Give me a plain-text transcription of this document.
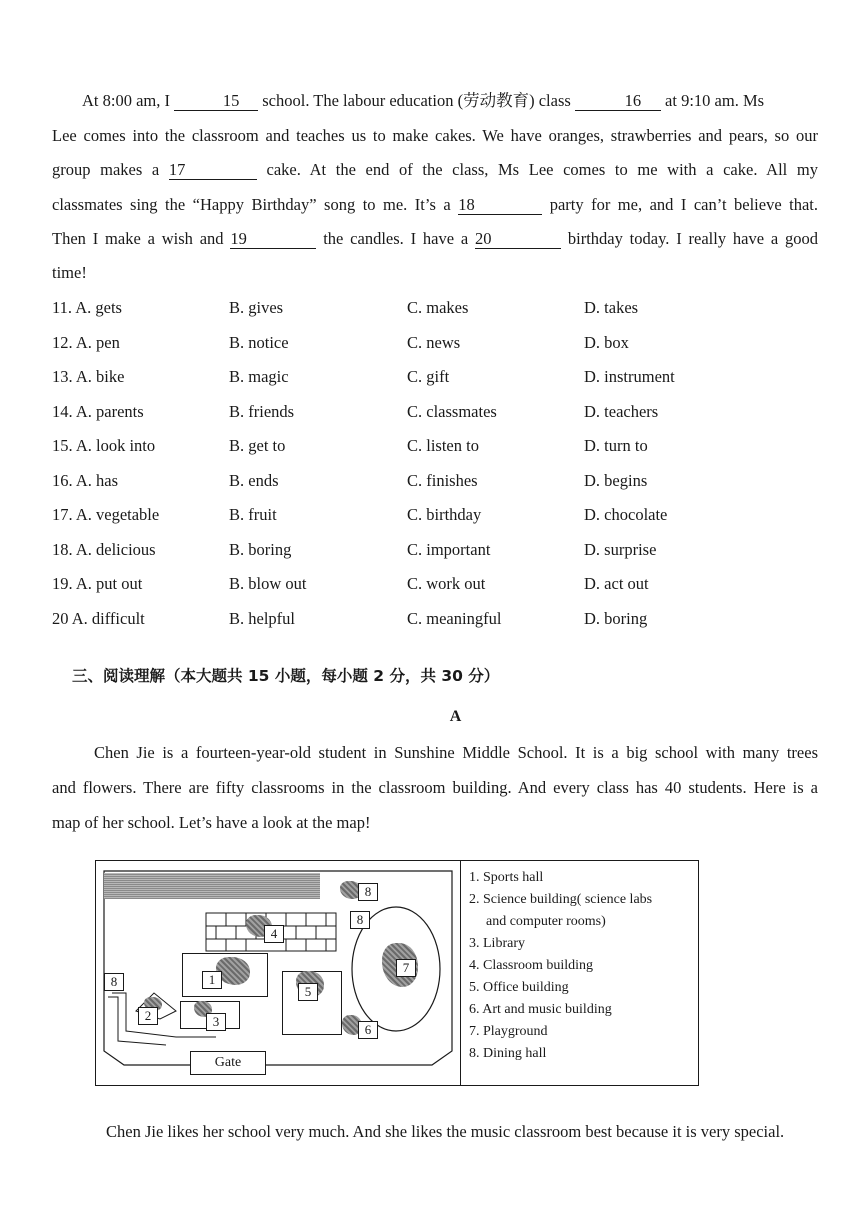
At 8:00 am, I	15 school. The labour education (劳动教育) class	16 at 9:10 am. Ms
Lee comes into the classroom and teaches us to make cakes. We have oranges, strawberries and pears, so our
group makes a 17	cake. At the end of the class, Ms Lee comes to me with a cake. All my
classmates sing the “Happy Birthday” song to me. It’s a 18	party for me, and I can’t believe that.
Then I make a wish and 19	the candles. I have a 20	birthday today. I really have a good
time!
11. A. gets	B. gives	C. makes	D. takes
12. A. pen	B. notice	C. news	D. box
13. A. bike	B. magic	C. gift	D. instrument
14. A. parents	B. friends	C. classmates	D. teachers
15. A. look into	B. get to	C. listen to	D. turn to
16. A. has	B. ends	C. finishes	D. begins
17. A. vegetable	B. fruit	C. birthday	D. chocolate
18. A. delicious	B. boring	C. important	D. surprise
19. A. put out	B. blow out	C. work out	D. act out
20 A. difficult	B. helpful	C. meaningful	D. boring
三、阅读理解（本大题共 15 小题，每小题 2 分，共 30 分）
A
Chen Jie is a fourteen-year-old student in Sunshine Middle School. It is a big school with many trees
and flowers. There are fifty classrooms in the classroom building. And every class has 40 students. Here is a
map of her school. Let’s have a look at the map!
8
8
4
1
5
7
8
2	3
6
Gate
1. Sports hall
2. Science building( science labs
and computer rooms)
3. Library
4. Classroom building
5. Office building
6. Art and music building
7. Playground
8. Dining hall
Chen Jie likes her school very much. And she likes the music classroom best because it is very special.
